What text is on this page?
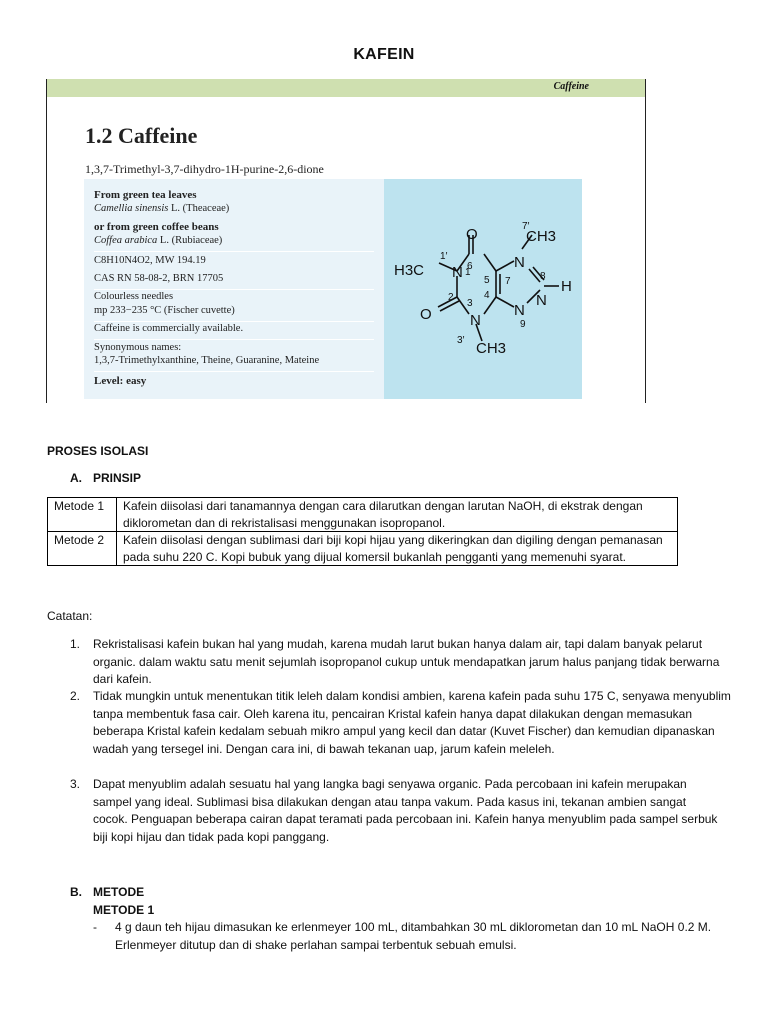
KAFEIN
Caffeine
1.2 Caffeine
1,3,7-Trimethyl-3,7-dihydro-1H-purine-2,6-dione
From green tea leaves
Camellia sinensis L. (Theaceae)
or from green coffee beans
Coffea arabica L. (Rubiaceae)
C8H10N4O2, MW 194.19
CAS RN 58-08-2, BRN 17705
Colourless needles
mp 233−235 °C (Fischer cuvette)
Caffeine is commercially available.
Synonymous names:
1,3,7-Trimethylxanthine, Theine, Guaranine, Mateine
Level: easy
O
O
H3C
CH3
CH3
H
N
N
N
N
N
1
2
3
4
5
6
7	8
9
1′
7′
3′
PROSES ISOLASI
A. PRINSIP
Metode 1	Kafein diisolasi dari tanamannya dengan cara dilarutkan dengan larutan NaOH, di ekstrak dengan diklorometan dan di rekristalisasi menggunakan isopropanol.
Metode 2	Kafein diisolasi dengan sublimasi dari biji kopi hijau yang dikeringkan dan digiling dengan pemanasan pada suhu 220 C. Kopi bubuk yang dijual komersil bukanlah pengganti yang memenuhi syarat.
Catatan:
1. Rekristalisasi kafein bukan hal yang mudah, karena mudah larut bukan hanya dalam air, tapi dalam banyak pelarut organic. dalam waktu satu menit sejumlah isopropanol cukup untuk mendapatkan jarum halus panjang tidak berwarna dari kafein.
2. Tidak mungkin untuk menentukan titik leleh dalam kondisi ambien, karena kafein pada suhu 175 C, senyawa menyublim tanpa membentuk fasa cair. Oleh karena itu, pencairan Kristal kafein hanya dapat dilakukan dengan memasukan beberapa Kristal kafein kedalam sebuah mikro ampul yang kecil dan datar (Kuvet Fischer) dan kemudian dipanaskan wadah yang tersegel ini. Dengan cara ini, di bawah tekanan uap, jarum kafein meleleh.
3. Dapat menyublim adalah sesuatu hal yang langka bagi senyawa organic. Pada percobaan ini kafein merupakan sampel yang ideal. Sublimasi bisa dilakukan dengan atau tanpa vakum. Pada kasus ini, tekanan ambien sangat cocok. Penguapan beberapa cairan dapat teramati pada percobaan ini. Kafein hanya menyublim pada sampel serbuk biji kopi hijau dan tidak pada kopi panggang.
B. METODE
METODE 1
- 4 g daun teh hijau dimasukan ke erlenmeyer 100 mL, ditambahkan 30 mL diklorometan dan 10 mL NaOH 0.2 M. Erlenmeyer ditutup dan di shake perlahan sampai terbentuk sebuah emulsi.
